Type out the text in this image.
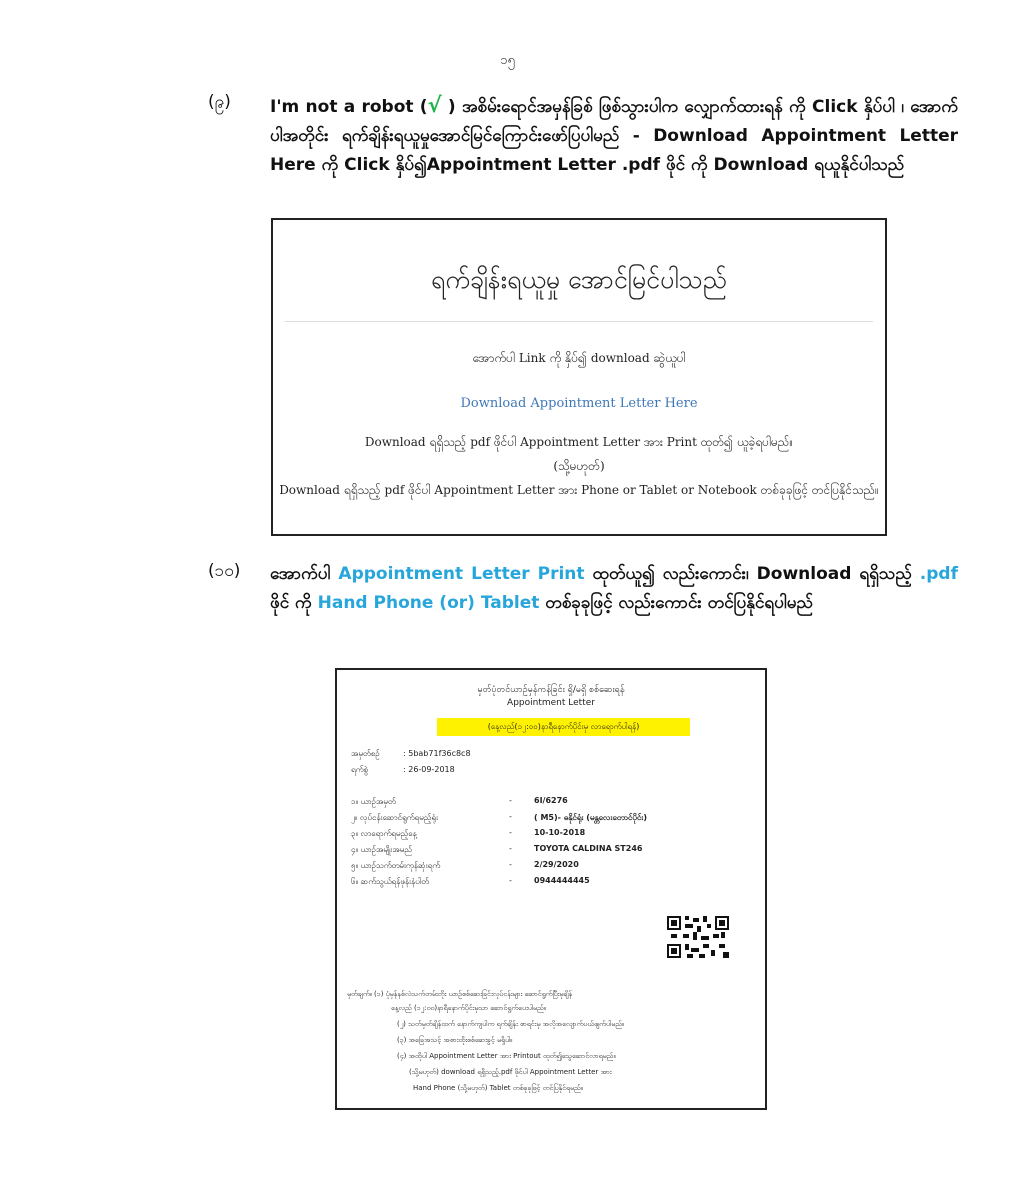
၁၅
(၉) I'm not a robot (√ ) အစိမ်းရောင်အမှန်ခြစ် ဖြစ်သွားပါက လျှောက်ထားရန် ကို Click နှိပ်ပါ ၊ အောက်ပါအတိုင်း ရက်ချိန်းရယူမှုအောင်မြင်ကြောင်းဖော်ပြပါမည် - Download Appointment Letter Here ကို Click နှိပ်၍Appointment Letter .pdf ဖိုင် ကို Download ရယူနိုင်ပါသည်
ရက်ချိန်းရယူမှု အောင်မြင်ပါသည်
အောက်ပါ Link ကို နှိပ်၍ download ဆွဲယူပါ
Download Appointment Letter Here
Download ရရှိသည့် pdf ဖိုင်ပါ Appointment Letter အား Print ထုတ်၍ ယူခဲ့ရပါမည်။
(သို့မဟုတ်)
Download ရရှိသည့် pdf ဖိုင်ပါ Appointment Letter အား Phone or Tablet or Notebook တစ်ခုခုဖြင့် တင်ပြနိုင်သည်။
(၁၀) အောက်ပါ Appointment Letter Print ထုတ်ယူ၍ လည်းကောင်း၊ Download ရရှိသည့် .pdf ဖိုင် ကို Hand Phone (or) Tablet တစ်ခုခုဖြင့် လည်းကောင်း တင်ပြနိုင်ရပါမည်
မှတ်ပုံတင်ယာဉ်မှန်ကန်ခြင်း ရှိ/မရှိ စစ်ဆေးရန်
Appointment Letter
(နေ့လည်(၁၂:၀၀)နာရီနောက်ပိုင်းမှ လာရောက်ပါရန်)
အမှတ်စဉ်	: 5bab71f36c8c8
ရက်စွဲ	: 26-09-2018
၁။ ယာဉ်အမှတ်	-	6I/6276
၂။ လုပ်ငန်းဆောင်ရွက်ရမည့်ရုံး	-	( M5)- ဓနိုင်ရုံး (မန္တလေးတောင်ပိုင်း)
၃။ လာရောက်ရမည့်နေ့	-	10-10-2018
၄။ ယာဉ်အမျိုးအမည်	-	TOYOTA CALDINA ST246
၅။ ယာဉ်သက်တမ်းကုန်ဆုံးရက်	-	2/29/2020
၆။ ဆက်သွယ်ရန်ဖုန်းနံပါတ်	-	0944444445
မှတ်ချက်။ (၁) ပုံမှန်နစ်လဲသက်တမ်းတိုး ယာဉ်စစ်ဆေးခြင်းလုပ်ငန်းများ ဆောင်ရွက်ပြီးမှချိန်
နေ့လည် (၁၂:၀၀)နာရီနောက်ပိုင်းမှသာ ဆောင်ရွက်ပေးပါမည်။
(၂) သတ်မှတ်ချိန်ထက် နောက်ကျပါက ရက်ချိန်း စာရင်းမှ အလိုအလျောက်ပယ်ဖျက်ပါမည်။
(၃) အခြေအသင့် အစားထိုးစစ်ဆေးခွင့် မရှိပါ။
(၄) အထိုပါ Appointment Letter အား Printout ထုတ်၍သွေဆောင်လာရမည်။
(သို့မဟုတ်) download ရရှိသည့်.pdf ဖိုင်ပါ Appointment Letter အား
Hand Phone (သို့မဟုတ်) Tablet တစ်ခုခုဖြင့် တင်ပြနိုင်ရမည်။
